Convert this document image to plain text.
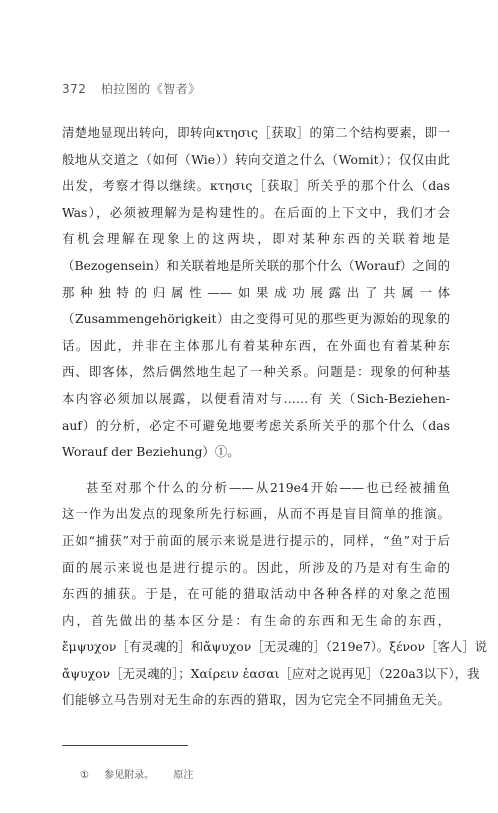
372 柏拉图的《智者》
清楚地显现出转向，即转向κτησις［获取］的第二个结构要素，即一
般地从交道之（如何（Wie））转向交道之什么（Womit）；仅仅由此
出发，考察才得以继续。κτησις［获取］所关乎的那个什么（das
Was），必须被理解为是构建性的。在后面的上下文中，我们才会
有机会理解在现象上的这两块，即对某种东西的关联着地是
（Bezogensein）和关联着地是所关联的那个什么（Worauf）之间的
那种独特的归属性——如果成功展露出了共属一体
（Zusammengehörigkeit）由之变得可见的那些更为源始的现象的
话。因此，并非在主体那儿有着某种东西，在外面也有着某种东
西、即客体，然后偶然地生起了一种关系。问题是：现象的何种基
本内容必须加以展露，以便看清对与……有 关（Sich-Beziehen-
auf）的分析，必定不可避免地要考虑关系所关乎的那个什么（das
Worauf der Beziehung）①。
甚至对那个什么的分析——从219e4开始——也已经被捕鱼
这一作为出发点的现象所先行标画，从而不再是盲目简单的推演。
正如“捕获”对于前面的展示来说是进行提示的，同样，“鱼”对于后
面的展示来说也是进行提示的。因此，所涉及的乃是对有生命的
东西的捕获。于是，在可能的猎取活动中各种各样的对象之范围
内，首先做出的基本区分是：有生命的东西和无生命的东西，
ἔμψυχον［有灵魂的］和ἄψυχον［无灵魂的］（219e7）。ξένον［客人］说
ἄψυχον［无灵魂的］；Χαίρειν ἐασαι［应对之说再见］（220a3以下），我
们能够立马告别对无生命的东西的猎取，因为它完全不同捕鱼无关。
① 参见附录。 原注
